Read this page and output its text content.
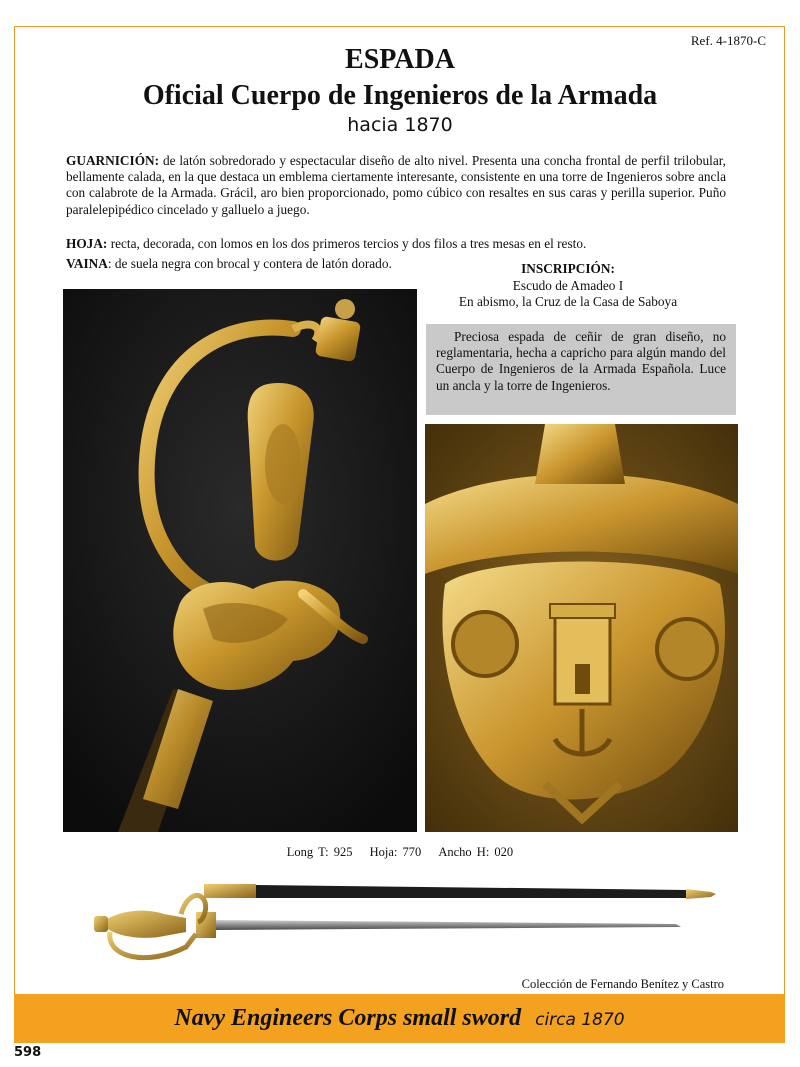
Ref. 4-1870-C
ESPADA
Oficial Cuerpo de Ingenieros de la Armada
hacia 1870
GUARNICIÓN: de latón sobredorado y espectacular diseño de alto nivel. Presenta una concha frontal de perfil trilobular, bellamente calada, en la que destaca un emblema ciertamente interesante, consistente en una torre de Ingenieros sobre ancla con calabrote de la Armada. Grácil, aro bien proporcionado, pomo cúbico con resaltes en sus caras y perilla superior. Puño paralelepipédico cincelado y galluelo a juego.
HOJA: recta, decorada, con lomos en los dos primeros tercios y dos filos a tres mesas en el resto.
VAINA: de suela negra con brocal y contera de latón dorado.	INSCRIPCIÓN:
Escudo de Amadeo I
En abismo, la Cruz de la Casa de Saboya
Preciosa espada de ceñir de gran diseño, no reglamentaria, hecha a capricho para algún mando del Cuerpo de Ingenieros de la Armada Española. Luce un ancla y la torre de Ingenieros.
Long T: 925 Hoja: 770 Ancho H: 020
Colección de Fernando Benítez y Castro
Navy Engineers Corps small sword circa 1870
598
